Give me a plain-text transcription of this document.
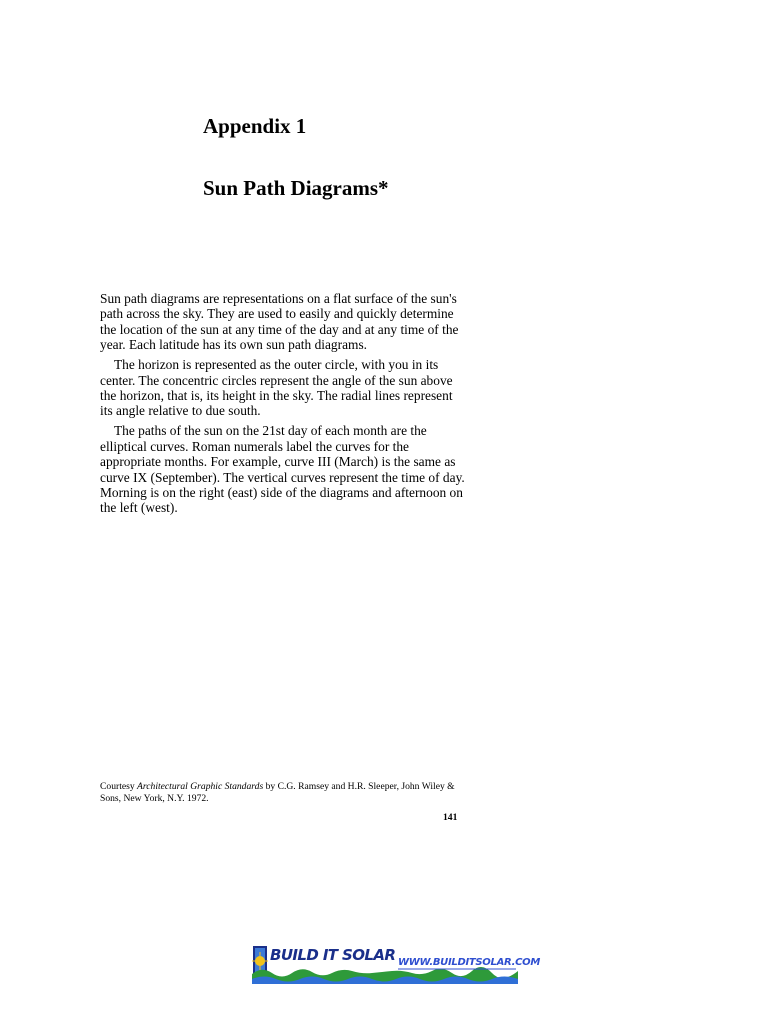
Appendix 1
Sun Path Diagrams*

Sun path diagrams are representations on a flat surface of the sun's path across the sky. They are used to easily and quickly determine the location of the sun at any time of the day and at any time of the year. Each latitude has its own sun path diagrams.

The horizon is represented as the outer circle, with you in its center. The concentric circles represent the angle of the sun above the horizon, that is, its height in the sky. The radial lines represent its angle relative to due south.

The paths of the sun on the 21st day of each month are the elliptical curves. Roman numerals label the curves for the appropriate months. For example, curve III (March) is the same as curve IX (September). The vertical curves represent the time of day. Morning is on the right (east) side of the diagrams and afternoon on the left (west).

Courtesy Architectural Graphic Standards by C.G. Ramsey and H.R. Sleeper, John Wiley & Sons, New York, N.Y. 1972.
141
BUILD IT SOLAR WWW.BUILDITSOLAR.COM
